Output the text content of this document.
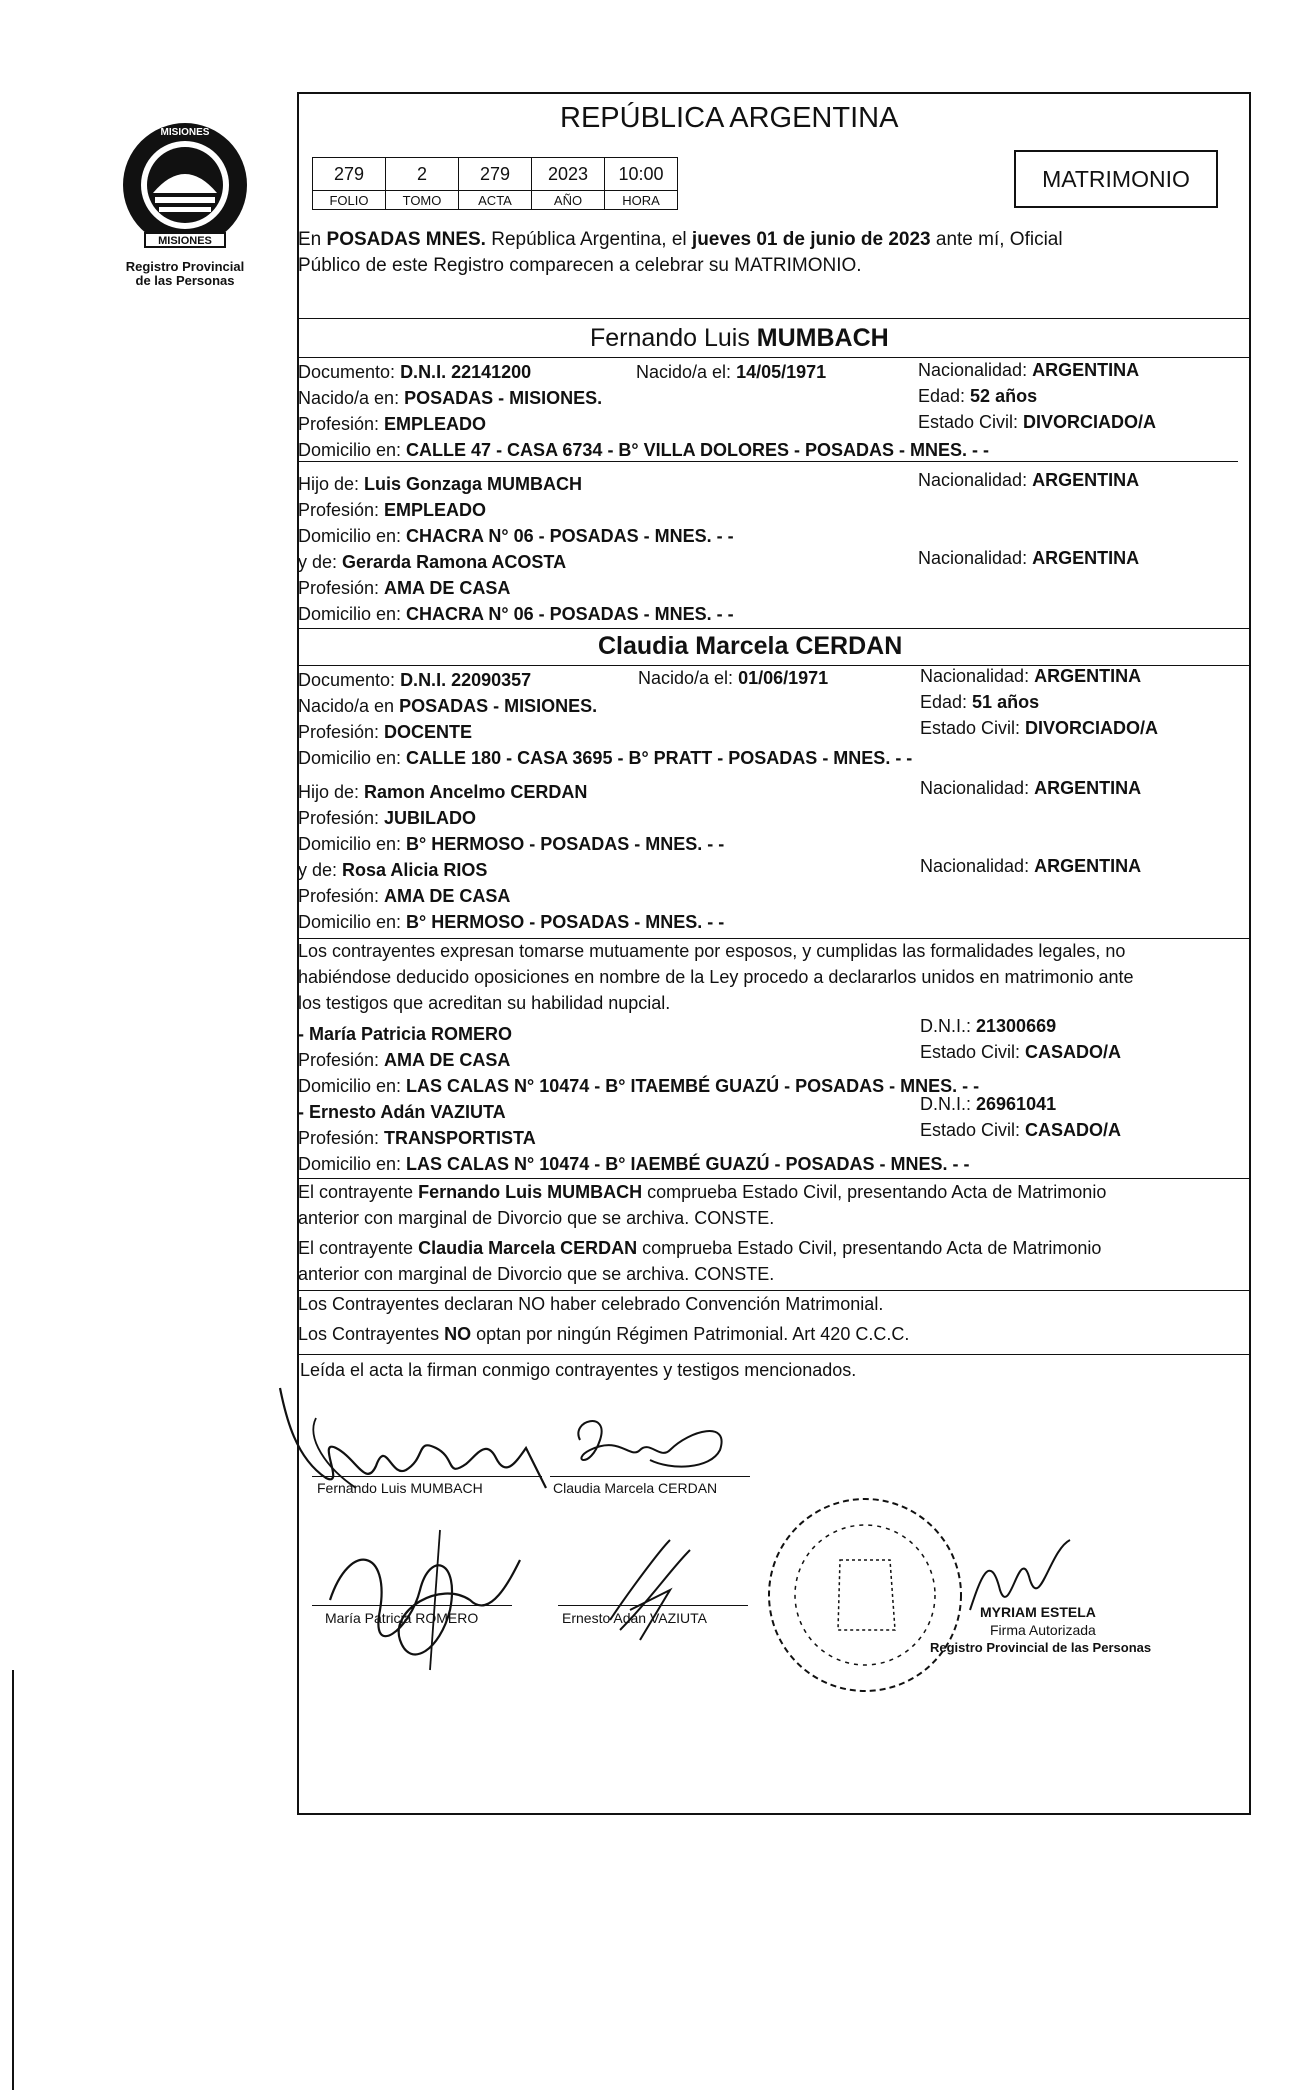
MISIONES
MISIONES
Registro Provincial
de las Personas
REPÚBLICA ARGENTINA
279	2	279	2023	10:00
FOLIO	TOMO	ACTA	AÑO	HORA
MATRIMONIO
En POSADAS MNES. República Argentina, el jueves 01 de junio de 2023 ante mí, Oficial
Público de este Registro comparecen a celebrar su MATRIMONIO.
Fernando Luis MUMBACH
Documento: D.N.I. 22141200	Nacido/a el: 14/05/1971	Nacionalidad: ARGENTINA
Nacido/a en: POSADAS - MISIONES.	Edad: 52 años
Profesión: EMPLEADO	Estado Civil: DIVORCIADO/A
Domicilio en: CALLE 47 - CASA 6734 - B° VILLA DOLORES - POSADAS - MNES. - -
Hijo de: Luis Gonzaga MUMBACH	Nacionalidad: ARGENTINA
Profesión: EMPLEADO
Domicilio en: CHACRA N° 06 - POSADAS - MNES. - -
y de: Gerarda Ramona ACOSTA	Nacionalidad: ARGENTINA
Profesión: AMA DE CASA
Domicilio en: CHACRA N° 06 - POSADAS - MNES. - -
Claudia Marcela CERDAN
Documento: D.N.I. 22090357	Nacido/a el: 01/06/1971	Nacionalidad: ARGENTINA
Nacido/a en POSADAS - MISIONES.	Edad: 51 años
Profesión: DOCENTE	Estado Civil: DIVORCIADO/A
Domicilio en: CALLE 180 - CASA 3695 - B° PRATT - POSADAS - MNES. - -
Hijo de: Ramon Ancelmo CERDAN	Nacionalidad: ARGENTINA
Profesión: JUBILADO
Domicilio en: B° HERMOSO - POSADAS - MNES. - -
y de: Rosa Alicia RIOS	Nacionalidad: ARGENTINA
Profesión: AMA DE CASA
Domicilio en: B° HERMOSO - POSADAS - MNES. - -
Los contrayentes expresan tomarse mutuamente por esposos, y cumplidas las formalidades legales, no
habiéndose deducido oposiciones en nombre de la Ley procedo a declararlos unidos en matrimonio ante
los testigos que acreditan su habilidad nupcial.
- María Patricia ROMERO	D.N.I.: 21300669
Profesión: AMA DE CASA	Estado Civil: CASADO/A
Domicilio en: LAS CALAS N° 10474 - B° ITAEMBÉ GUAZÚ - POSADAS - MNES. - -
- Ernesto Adán VAZIUTA	D.N.I.: 26961041
Profesión: TRANSPORTISTA	Estado Civil: CASADO/A
Domicilio en: LAS CALAS N° 10474 - B° IAEMBÉ GUAZÚ - POSADAS - MNES. - -
El contrayente Fernando Luis MUMBACH comprueba Estado Civil, presentando Acta de Matrimonio
anterior con marginal de Divorcio que se archiva. CONSTE.
El contrayente Claudia Marcela CERDAN comprueba Estado Civil, presentando Acta de Matrimonio
anterior con marginal de Divorcio que se archiva. CONSTE.
Los Contrayentes declaran NO haber celebrado Convención Matrimonial.
Los Contrayentes NO optan por ningún Régimen Patrimonial. Art 420 C.C.C.
Leída el acta la firman conmigo contrayentes y testigos mencionados.
Fernando Luis MUMBACH	Claudia Marcela CERDAN
María Patricia ROMERO	Ernesto Adán VAZIUTA	MYRIAM ESTELA
Firma Autorizada
Registro Provincial de las Personas
